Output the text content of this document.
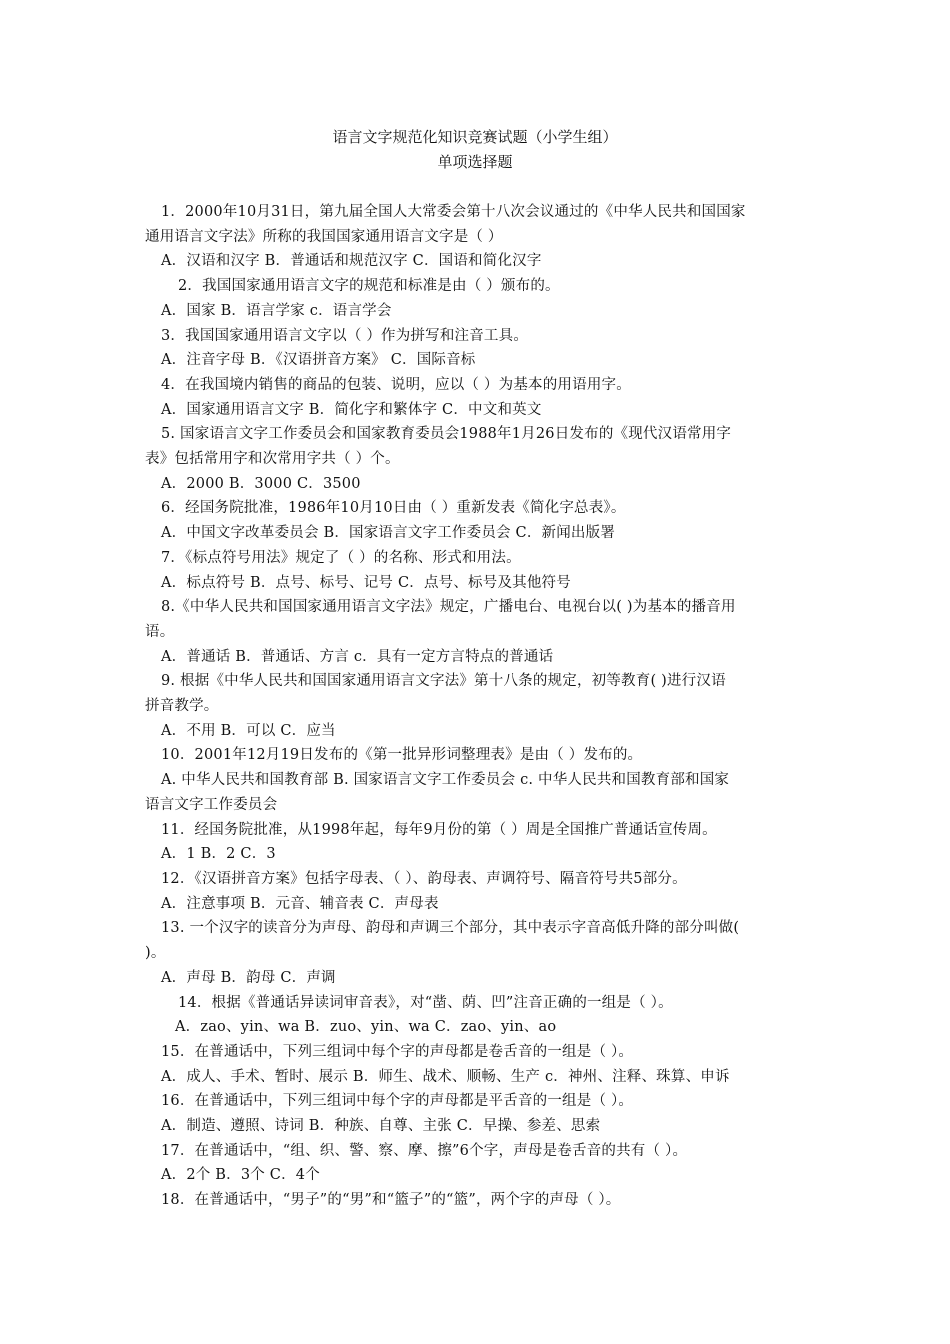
语言文字规范化知识竞赛试题（小学生组）
单项选择题
1．2000年10月31日，第九届全国人大常委会第十八次会议通过的《中华人民共和国国家
通用语言文字法》所称的我国国家通用语言文字是（ ）
A．汉语和汉字 B．普通话和规范汉字 C．国语和简化汉字
2．我国国家通用语言文字的规范和标准是由（ ）颁布的。
A．国家 B．语言学家 c．语言学会
3．我国国家通用语言文字以（ ）作为拼写和注音工具。
A．注音字母 B．《汉语拼音方案》 C．国际音标
4．在我国境内销售的商品的包装、说明，应以（ ）为基本的用语用字。
A．国家通用语言文字 B．简化字和繁体字 C．中文和英文
5. 国家语言文字工作委员会和国家教育委员会1988年1月26日发布的《现代汉语常用字
表》包括常用字和次常用字共（ ）个。
A．2000 B．3000 C．3500
6．经国务院批准，1986年10月10日由（ ）重新发表《简化字总表》。
A．中国文字改革委员会 B．国家语言文字工作委员会 C．新闻出版署
7．《标点符号用法》规定了（ ）的名称、形式和用法。
A．标点符号 B．点号、标号、记号 C．点号、标号及其他符号
8.《中华人民共和国国家通用语言文字法》规定，广播电台、电视台以( )为基本的播音用
语。
A．普通话 B．普通话、方言 c．具有一定方言特点的普通话
9. 根据《中华人民共和国国家通用语言文字法》第十八条的规定，初等教育( )进行汉语
拼音教学。
A．不用 B．可以 C．应当
10．2001年12月19日发布的《第一批异形词整理表》是由（ ）发布的。
A. 中华人民共和国教育部 B. 国家语言文字工作委员会 c. 中华人民共和国教育部和国家
语言文字工作委员会
11．经国务院批准，从1998年起，每年9月份的第（ ）周是全国推广普通话宣传周。
A．1 B．2 C．3
12．《汉语拼音方案》包括字母表、（ ）、韵母表、声调符号、隔音符号共5部分。
A．注意事项 B．元音、辅音表 C．声母表
13. 一个汉字的读音分为声母、韵母和声调三个部分，其中表示字音高低升降的部分叫做(
)。
A．声母 B．韵母 C．声调
14．根据《普通话异读词审音表》，对“凿、荫、凹”注音正确的一组是（ ）。
A．zao、yin、wa B．zuo、yin、wa C．zao、yin、ao
15．在普通话中，下列三组词中每个字的声母都是卷舌音的一组是（ ）。
A．成人、手术、暂时、展示 B．师生、战术、顺畅、生产 c．神州、注释、珠算、申诉
16．在普通话中，下列三组词中每个字的声母都是平舌音的一组是（ ）。
A．制造、遵照、诗词 B．种族、自尊、主张 C．早操、参差、思索
17．在普通话中，“组、织、警、察、摩、擦”6个字，声母是卷舌音的共有（ ）。
A．2个 B．3个 C．4个
18．在普通话中，“男子”的“男”和“篮子”的“篮”，两个字的声母（ ）。
